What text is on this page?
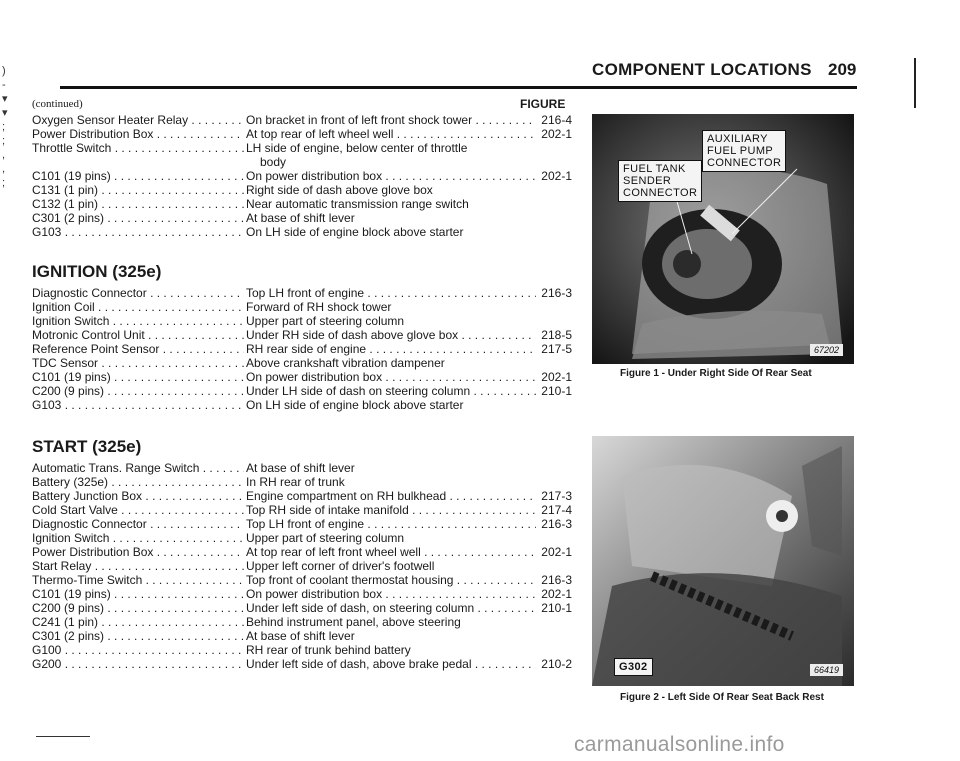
)
-
▾
▾
;
;
,
,
;
COMPONENT LOCATIONS 209
(continued)	FIGURE
Oxygen Sensor Heater Relay . . .	On bracket in front of left front shock tower . . .	216-4
Power Distribution Box . . .	At top rear of left wheel well . . .	202-1
Throttle Switch . . .	LH side of engine, below center of throttle
body
C101 (19 pins) . . .	On power distribution box . . .	202-1
C131 (1 pin) . . .	Right side of dash above glove box
C132 (1 pin) . . .	Near automatic transmission range switch
C301 (2 pins) . . .	At base of shift lever
G103 . . .	On LH side of engine block above starter
IGNITION (325e)
Diagnostic Connector . . .	Top LH front of engine . . .	216-3
Ignition Coil . . .	Forward of RH shock tower
Ignition Switch . . .	Upper part of steering column
Motronic Control Unit . . .	Under RH side of dash above glove box . . .	218-5
Reference Point Sensor . . .	RH rear side of engine . . .	217-5
TDC Sensor . . .	Above crankshaft vibration dampener
C101 (19 pins) . . .	On power distribution box . . .	202-1
C200 (9 pins) . . .	Under LH side of dash on steering column . . .	210-1
G103 . . .	On LH side of engine block above starter
START (325e)
Automatic Trans. Range Switch . . .	At base of shift lever
Battery (325e) . . .	In RH rear of trunk
Battery Junction Box . . .	Engine compartment on RH bulkhead . . .	217-3
Cold Start Valve . . .	Top RH side of intake manifold . . .	217-4
Diagnostic Connector . . .	Top LH front of engine . . .	216-3
Ignition Switch . . .	Upper part of steering column
Power Distribution Box . . .	At top rear of left front wheel well . . .	202-1
Start Relay . . .	Upper left corner of driver's footwell
Thermo-Time Switch . . .	Top front of coolant thermostat housing . . .	216-3
C101 (19 pins) . . .	On power distribution box . . .	202-1
C200 (9 pins) . . .	Under left side of dash, on steering column . . .	210-1
C241 (1 pin) . . .	Behind instrument panel, above steering
C301 (2 pins) . . .	At base of shift lever
G100 . . .	RH rear of trunk behind battery
G200 . . .	Under left side of dash, above brake pedal . . .	210-2
AUXILIARY
FUEL PUMP
CONNECTOR
FUEL TANK
SENDER
CONNECTOR
67202
Figure 1 - Under Right Side Of Rear Seat
G302	66419
Figure 2 - Left Side Of Rear Seat Back Rest
carmanualsonline.info
